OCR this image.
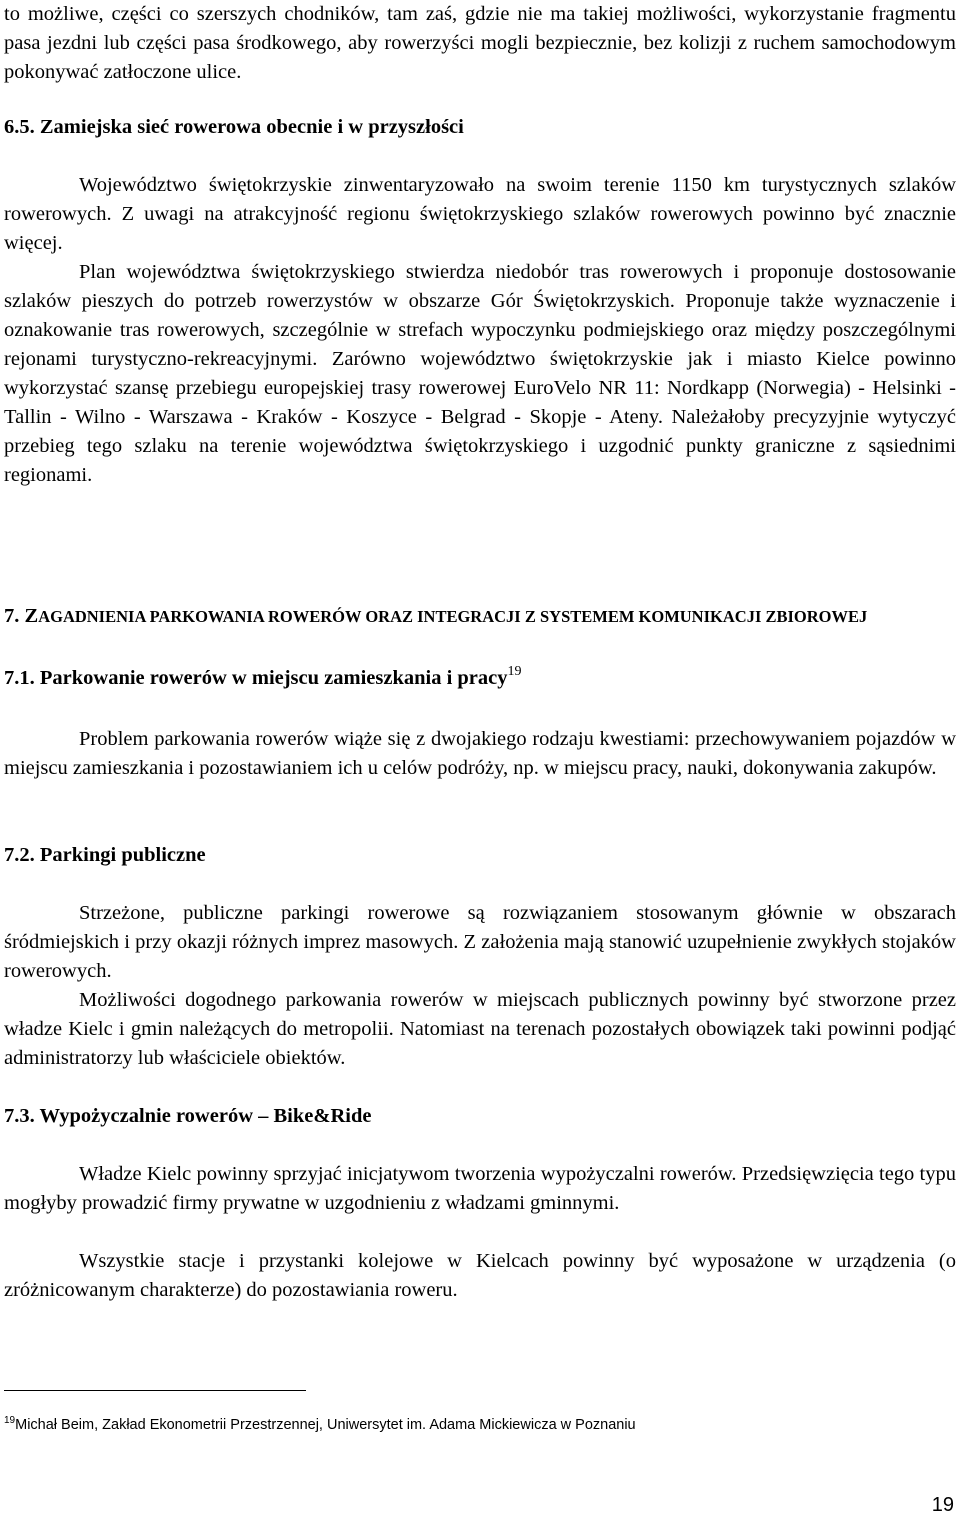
to możliwe, części co szerszych chodników, tam zaś, gdzie nie ma takiej możliwości, wykorzystanie fragmentu pasa jezdni lub części pasa środkowego, aby rowerzyści mogli bezpiecznie, bez kolizji z ruchem samochodowym pokonywać zatłoczone ulice.

6.5. Zamiejska sieć rowerowa obecnie i w przyszłości

Województwo świętokrzyskie zinwentaryzowało na swoim terenie 1150 km turystycznych szlaków rowerowych. Z uwagi na atrakcyjność regionu świętokrzyskiego szlaków rowerowych powinno być znacznie więcej.

Plan województwa świętokrzyskiego stwierdza niedobór tras rowerowych i proponuje dostosowanie szlaków pieszych do potrzeb rowerzystów w obszarze Gór Świętokrzyskich. Proponuje także wyznaczenie i oznakowanie tras rowerowych, szczególnie w strefach wypoczynku podmiejskiego oraz między poszczególnymi rejonami turystyczno-rekreacyjnymi. Zarówno województwo świętokrzyskie jak i miasto Kielce powinno wykorzystać szansę przebiegu europejskiej trasy rowerowej EuroVelo NR 11: Nordkapp (Norwegia) - Helsinki - Tallin - Wilno - Warszawa - Kraków - Koszyce - Belgrad - Skopje - Ateny. Należałoby precyzyjnie wytyczyć przebieg tego szlaku na terenie województwa świętokrzyskiego i uzgodnić punkty graniczne z sąsiednimi regionami.

7. ZAGADNIENIA PARKOWANIA ROWERÓW ORAZ INTEGRACJI Z SYSTEMEM KOMUNIKACJI ZBIOROWEJ

7.1. Parkowanie rowerów w miejscu zamieszkania i pracy$^{19}$

Problem parkowania rowerów wiąże się z dwojakiego rodzaju kwestiami: przechowywaniem pojazdów w miejscu zamieszkania i pozostawianiem ich u celów podróży, np. w miejscu pracy, nauki, dokonywania zakupów.

7.2. Parkingi publiczne

Strzeżone, publiczne parkingi rowerowe są rozwiązaniem stosowanym głównie w obszarach śródmiejskich i przy okazji różnych imprez masowych. Z założenia mają stanowić uzupełnienie zwykłych stojaków rowerowych.

Możliwości dogodnego parkowania rowerów w miejscach publicznych powinny być stworzone przez władze Kielc i gmin należących do metropolii. Natomiast na terenach pozostałych obowiązek taki powinni podjąć administratorzy lub właściciele obiektów.

7.3. Wypożyczalnie rowerów – Bike&Ride

Władze Kielc powinny sprzyjać inicjatywom tworzenia wypożyczalni rowerów. Przedsięwzięcia tego typu mogłyby prowadzić firmy prywatne w uzgodnieniu z władzami gminnymi.

Wszystkie stacje i przystanki kolejowe w Kielcach powinny być wyposażone w urządzenia (o zróżnicowanym charakterze) do pozostawiania roweru.

$^{19}$Michał Beim, Zakład Ekonometrii Przestrzennej, Uniwersytet im. Adama Mickiewicza w Poznaniu
19
